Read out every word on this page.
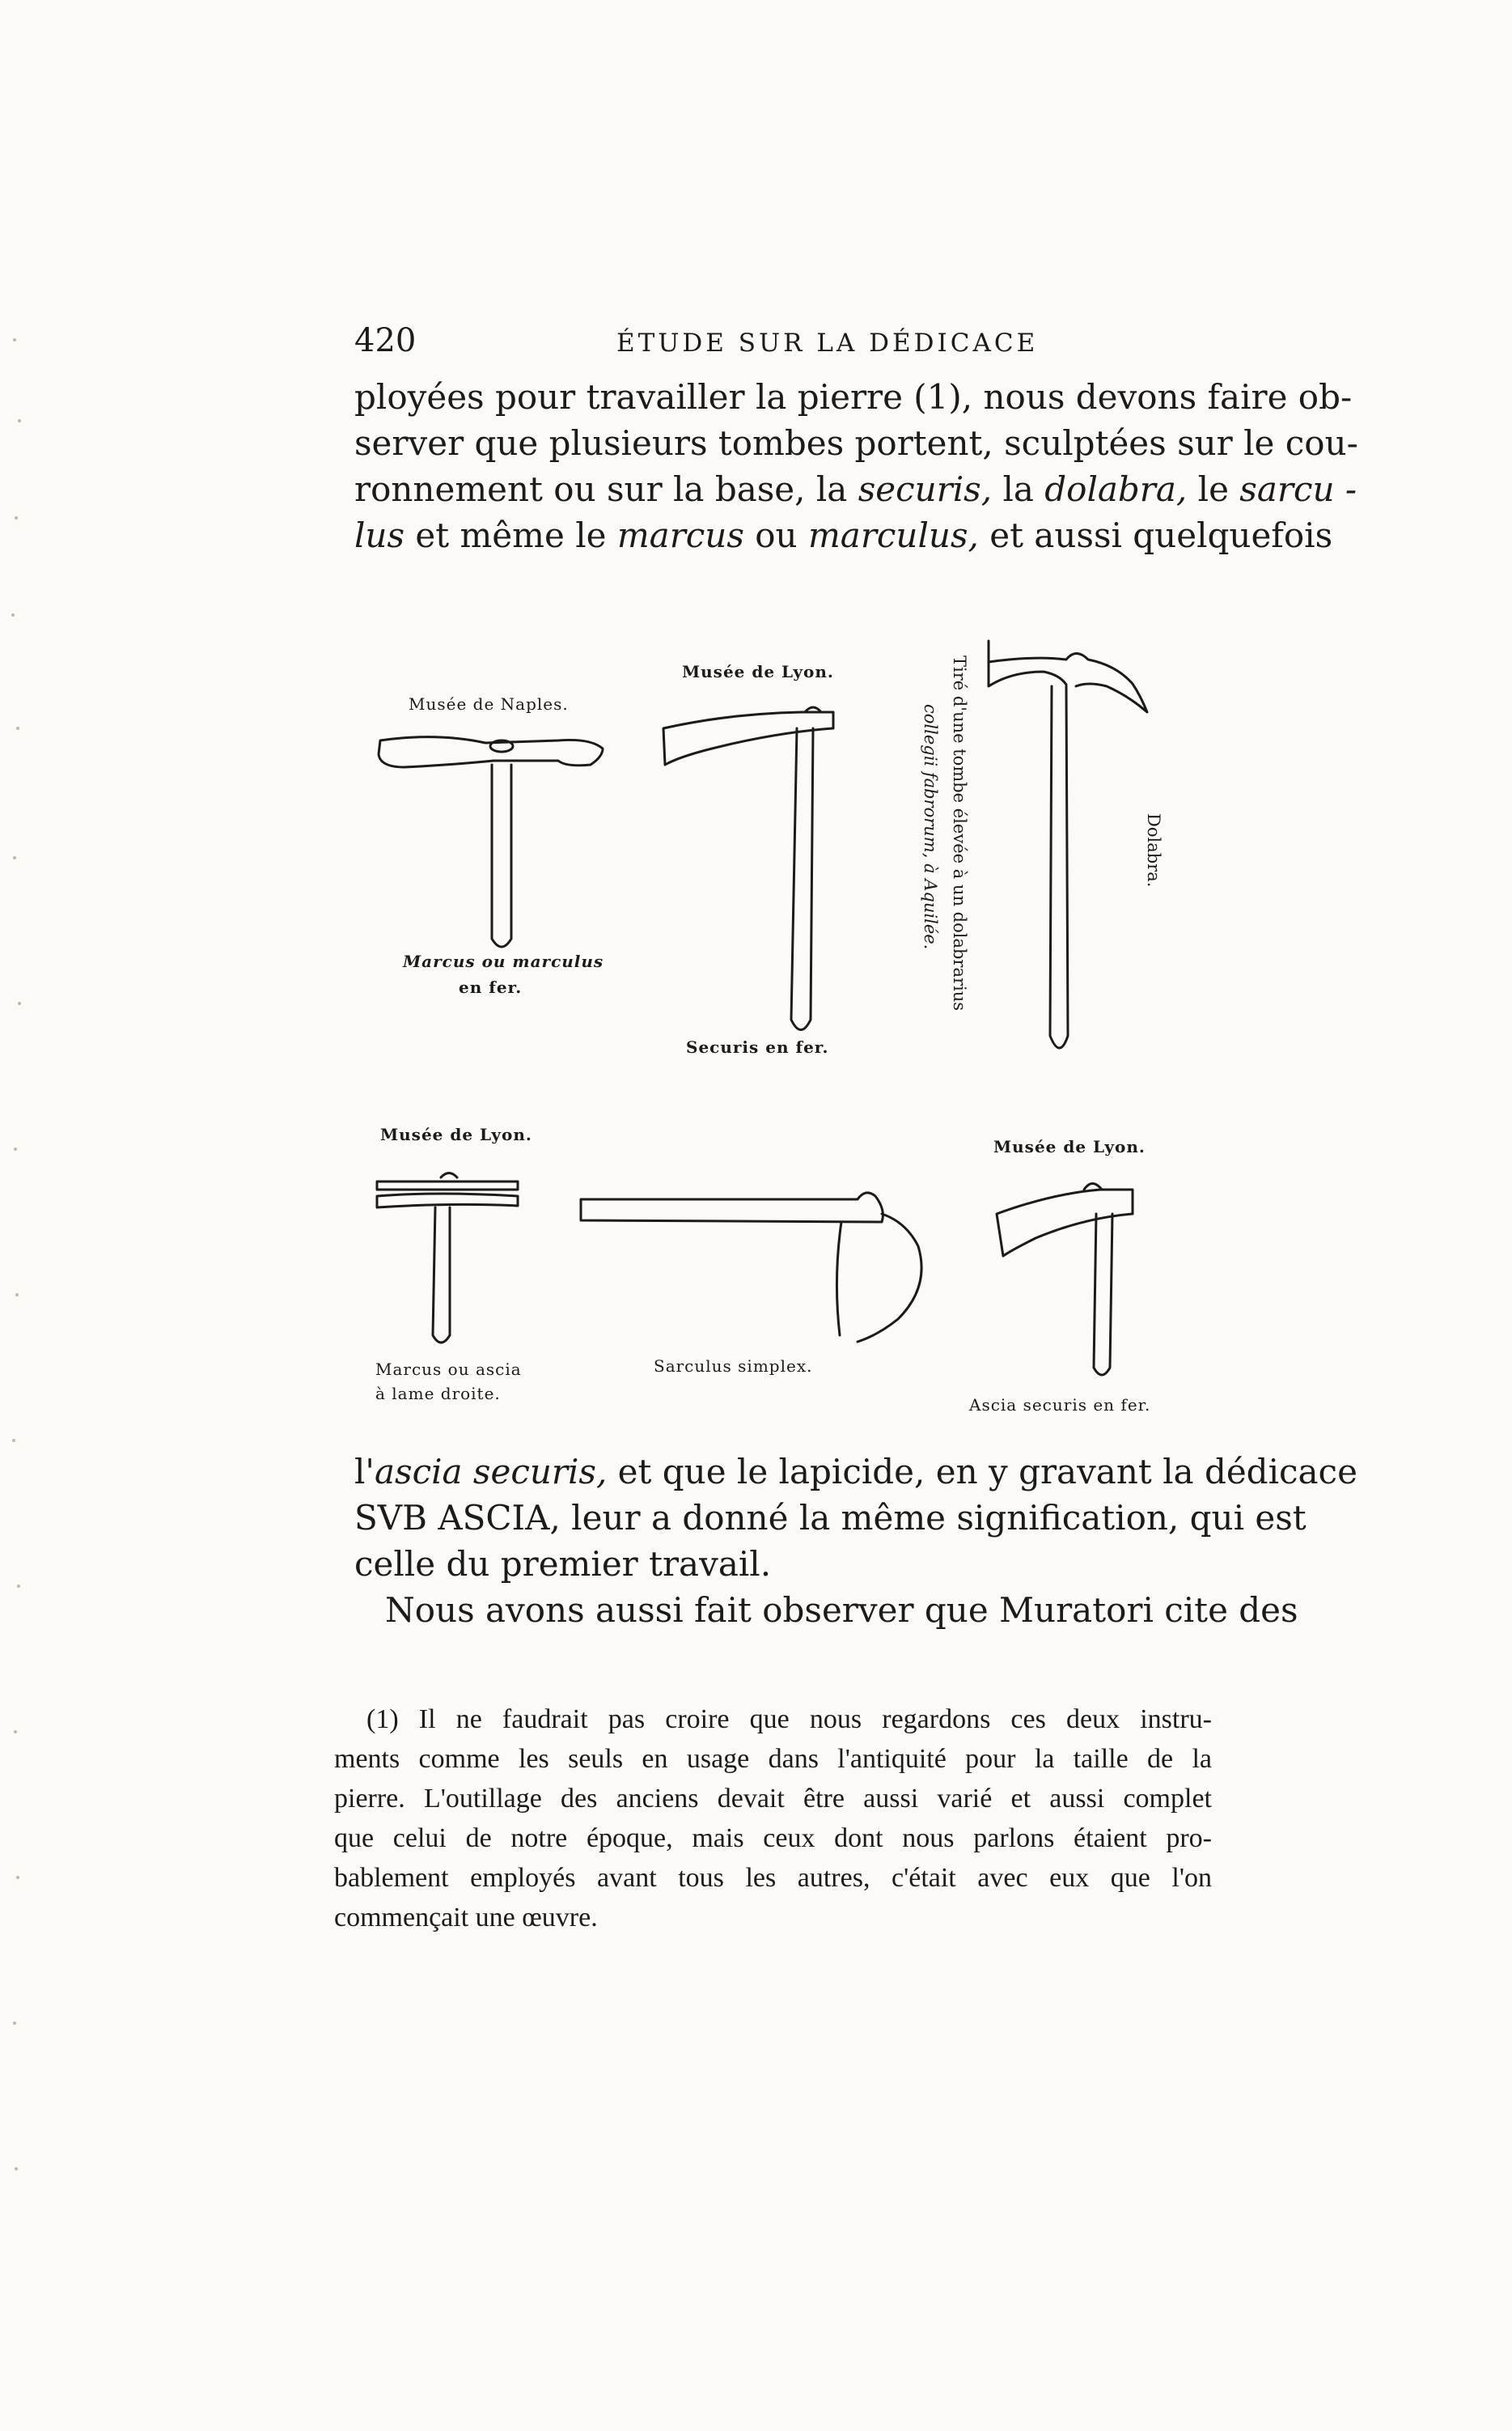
420	ÉTUDE SUR LA DÉDICACE
ployées pour travailler la pierre (1), nous devons faire ob-
server que plusieurs tombes portent, sculptées sur le cou-
ronnement ou sur la base, la securis, la dolabra, le sarcu -
lus et même le marcus ou marculus, et aussi quelquefois
Musée de Naples.
Marcus ou marculus
en fer.
Musée de Lyon.
Securis en fer.
Tiré d'une tombe élevée à un dolabrarius
collegii fabrorum, à Aquilée.	Dolabra.
Musée de Lyon.
Marcus ou ascia
à lame droite.
Sarculus simplex.
Musée de Lyon.
Ascia securis en fer.
l'ascia securis, et que le lapicide, en y gravant la dédicace
SVB ASCIA, leur a donné la même signification, qui est
celle du premier travail.
Nous avons aussi fait observer que Muratori cite des
(1) Il ne faudrait pas croire que nous regardons ces deux instru-
ments comme les seuls en usage dans l'antiquité pour la taille de la
pierre. L'outillage des anciens devait être aussi varié et aussi complet
que celui de notre époque, mais ceux dont nous parlons étaient pro-
bablement employés avant tous les autres, c'était avec eux que l'on
commençait une œuvre.
